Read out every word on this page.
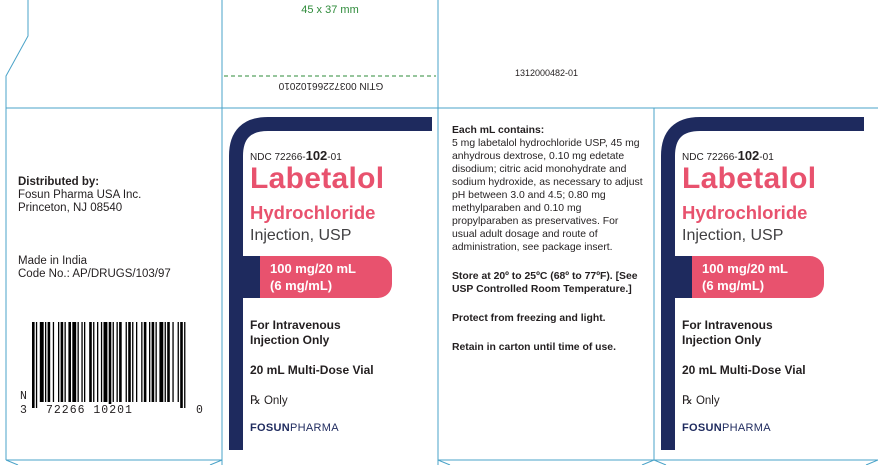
45 x 37 mm
GTIN 00372266102010
1312000482-01
Distributed by:
Fosun Pharma USA Inc.
Princeton, NJ 08540
Made in India
Code No.: AP/DRUGS/103/97
N
3 72266 10201	0
NDC 72266-102-01
Labetalol
Hydrochloride
Injection, USP
100 mg/20 mL
(6 mg/mL)
For Intravenous
Injection Only
20 mL Multi-Dose Vial
℞ Only
FOSUNPHARMA
NDC 72266-102-01
Labetalol
Hydrochloride
Injection, USP
100 mg/20 mL
(6 mg/mL)
For Intravenous
Injection Only
20 mL Multi-Dose Vial
℞ Only
FOSUNPHARMA
Each mL contains:
5 mg labetalol hydrochloride USP, 45 mg anhydrous dextrose, 0.10 mg edetate disodium; citric acid monohydrate and sodium hydroxide, as necessary to adjust pH between 3.0 and 4.5; 0.80 mg methylparaben and 0.10 mg propylparaben as preservatives. For usual adult dosage and route of administration, see package insert.
Store at 20º to 25ºC (68º to 77ºF). [See USP Controlled Room Temperature.]
Protect from freezing and light.
Retain in carton until time of use.
